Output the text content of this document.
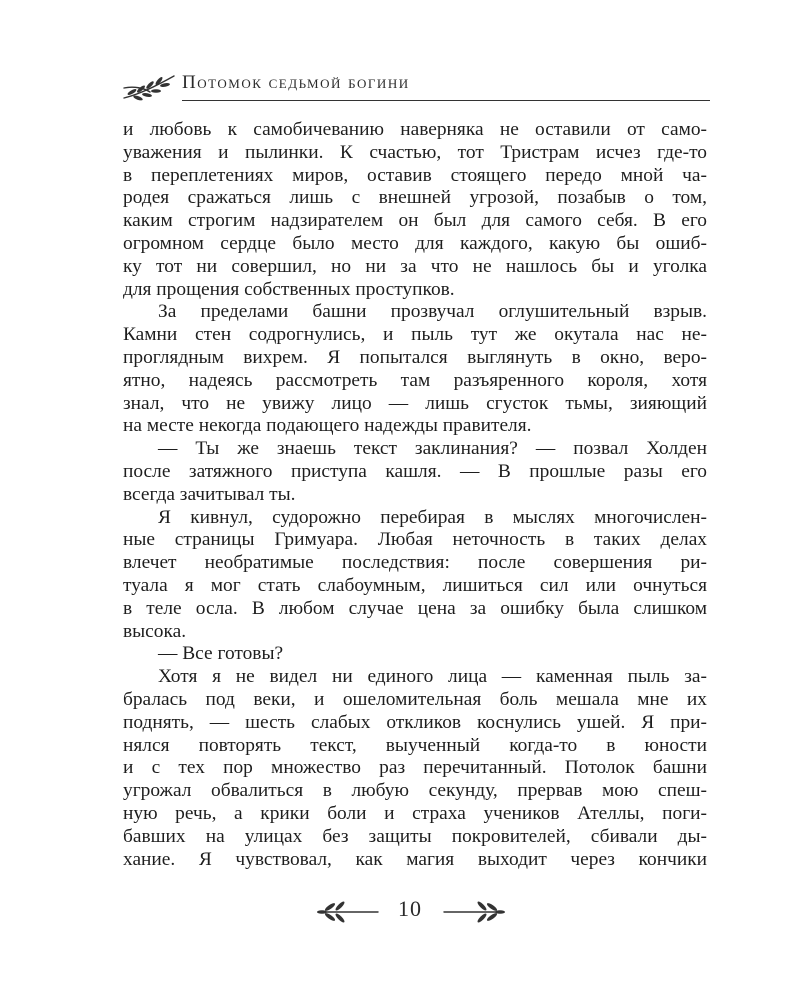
Потомок седьмой богини
и любовь к самобичеванию наверняка не оставили от само-
уважения и пылинки. К счастью, тот Тристрам исчез где-то
в переплетениях миров, оставив стоящего передо мной ча-
родея сражаться лишь с внешней угрозой, позабыв о том,
каким строгим надзирателем он был для самого себя. В его
огромном сердце было место для каждого, какую бы ошиб-
ку тот ни совершил, но ни за что не нашлось бы и уголка
для прощения собственных проступков.
За пределами башни прозвучал оглушительный взрыв.
Камни стен содрогнулись, и пыль тут же окутала нас не-
проглядным вихрем. Я попытался выглянуть в окно, веро-
ятно, надеясь рассмотреть там разъяренного короля, хотя
знал, что не увижу лицо — лишь сгусток тьмы, зияющий
на месте некогда подающего надежды правителя.
— Ты же знаешь текст заклинания? — позвал Холден
после затяжного приступа кашля. — В прошлые разы его
всегда зачитывал ты.
Я кивнул, судорожно перебирая в мыслях многочислен-
ные страницы Гримуара. Любая неточность в таких делах
влечет необратимые последствия: после совершения ри-
туала я мог стать слабоумным, лишиться сил или очнуться
в теле осла. В любом случае цена за ошибку была слишком
высока.
— Все готовы?
Хотя я не видел ни единого лица — каменная пыль за-
бралась под веки, и ошеломительная боль мешала мне их
поднять, — шесть слабых откликов коснулись ушей. Я при-
нялся повторять текст, выученный когда-то в юности
и с тех пор множество раз перечитанный. Потолок башни
угрожал обвалиться в любую секунду, прервав мою спеш-
ную речь, а крики боли и страха учеников Ателлы, поги-
бавших на улицах без защиты покровителей, сбивали ды-
хание. Я чувствовал, как магия выходит через кончики
10
